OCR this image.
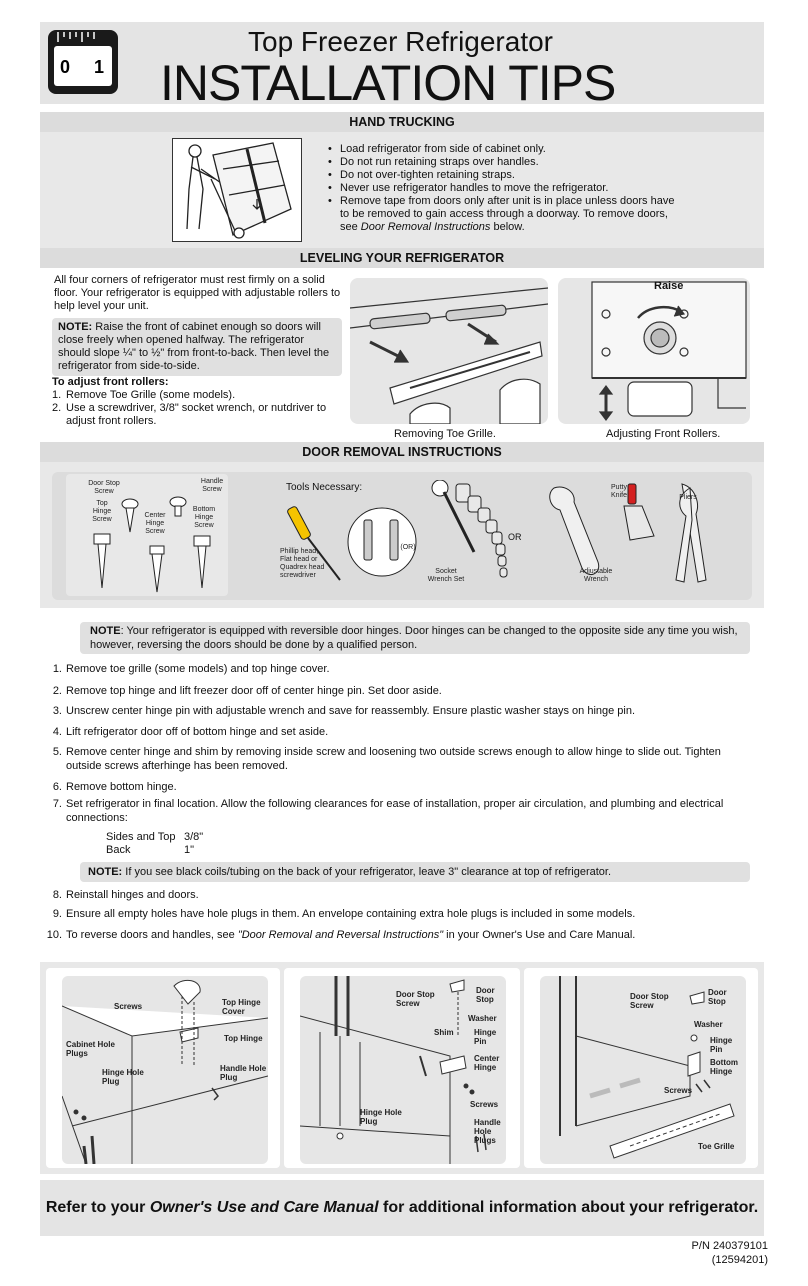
0 1
Top Freezer Refrigerator
INSTALLATION TIPS
HAND TRUCKING
• Load refrigerator from side of cabinet only.
• Do not run retaining straps over handles.
• Do not over-tighten retaining straps.
• Never use refrigerator handles to move the refrigerator.
• Remove tape from doors only after unit is in place unless doors have
to be removed to gain access through a doorway. To remove doors,
see Door Removal Instructions below.
LEVELING YOUR REFRIGERATOR
All four corners of refrigerator must rest firmly on a solid floor. Your refrigerator is equipped with adjustable rollers to help level your unit.
NOTE: Raise the front of cabinet enough so doors will close freely when opened halfway. The refrigerator should slope ¼" to ½" from front-to-back. Then level the refrigerator from side-to-side.
To adjust front rollers:
1. Remove Toe Grille (some models).
2. Use a screwdriver, 3/8" socket wrench, or nutdriver to adjust front rollers.
Raise
Removing Toe Grille.	Adjusting Front Rollers.
DOOR REMOVAL INSTRUCTIONS
Door Stop Screw
Handle Screw
Top Hinge Screw
Center Hinge Screw
Bottom Hinge Screw
Tools Necessary:
Phillip head, Flat head or Quadrex head screwdriver
(OR)
Socket Wrench Set
OR
Adjustable Wrench
Putty Knife	Pliers
NOTE: Your refrigerator is equipped with reversible door hinges. Door hinges can be changed to the opposite side any time you wish, however, reversing the doors should be done by a qualified person.
1. Remove toe grille (some models) and top hinge cover.
2. Remove top hinge and lift freezer door off of center hinge pin. Set door aside.
3. Unscrew center hinge pin with adjustable wrench and save for reassembly. Ensure plastic washer stays on hinge pin.
4. Lift refrigerator door off of bottom hinge and set aside.
5. Remove center hinge and shim by removing inside screw and loosening two outside screws enough to allow hinge to slide out. Tighten outside screws afterhinge has been removed.
6. Remove bottom hinge.
7. Set refrigerator in final location. Allow the following clearances for ease of installation, proper air circulation, and plumbing and electrical connections:
Sides and Top 3/8"
Back	1"
NOTE: If you see black coils/tubing on the back of your refrigerator, leave 3" clearance at top of refrigerator.
8. Reinstall hinges and doors.
9. Ensure all empty holes have hole plugs in them. An envelope containing extra hole plugs is included in some models.
10. To reverse doors and handles, see "Door Removal and Reversal Instructions" in your Owner's Use and Care Manual.
Screws	Top Hinge Cover
Top Hinge
Cabinet Hole Plugs
Hinge Hole Plug
Handle Hole Plug
Door Stop Screw
Door Stop
Washer
Shim	Hinge Pin
Center Hinge
Screws
Hinge Hole Plug	Handle Hole Plugs
Door Stop Screw
Door Stop
Washer
Hinge Pin
Bottom Hinge
Screws
Toe Grille
Refer to your Owner's Use and Care Manual for additional information about your refrigerator.
P/N 240379101
(12594201)
